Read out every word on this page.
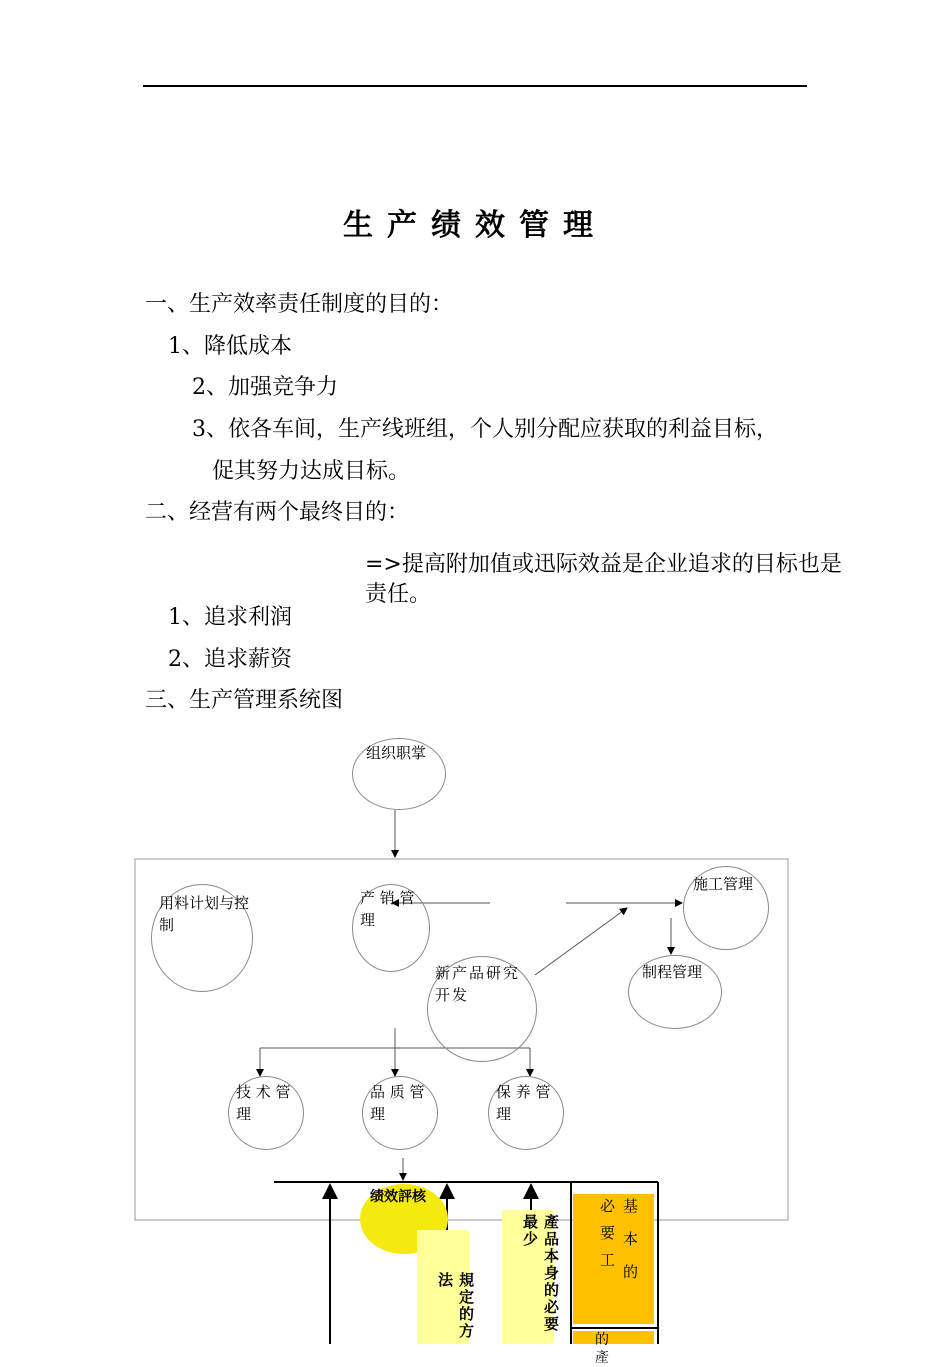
生产绩效管理
一、生产效率责任制度的目的：
1、降低成本
2、加强竞争力
3、依各车间，生产线班组，个人别分配应获取的利益目标，
促其努力达成目标。
二、经营有两个最终目的：
=>提高附加值或迅际效益是企业追求的目标也是责任。
1、追求利润
2、追求薪资
三、生产管理系统图
组织职掌
用料计划与控制
产 销 管 理
施工管理
新产品研究开发
制程管理
技 术 管 理
品 质 管 理
保 养 管 理
绩效評核
規定的方法	產品本身的必要最少	必要工 基本的
的 產
